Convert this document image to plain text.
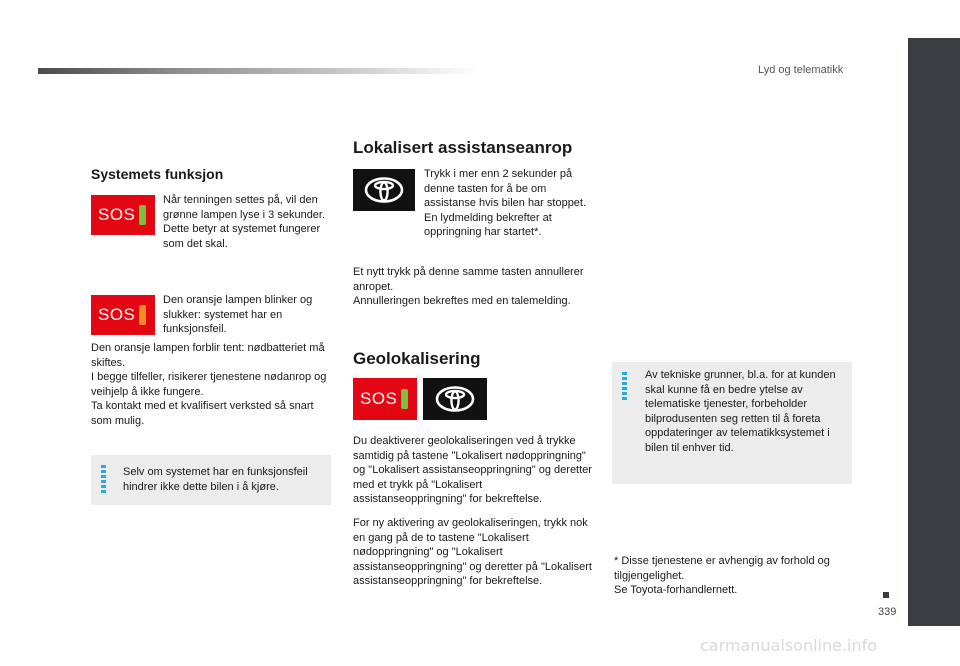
Lyd og telematikk
339
Systemets funksjon
SOS
Når tenningen settes på, vil den grønne lampen lyse i 3 sekunder. Dette betyr at systemet fungerer som det skal.
SOS
Den oransje lampen blinker og slukker: systemet har en funksjonsfeil.
Den oransje lampen forblir tent: nødbatteriet må skiftes.
I begge tilfeller, risikerer tjenestene nødanrop og veihjelp å ikke fungere.
Ta kontakt med et kvalifisert verksted så snart som mulig.
Selv om systemet har en funksjonsfeil hindrer ikke dette bilen i å kjøre.
Lokalisert assistanseanrop
Trykk i mer enn 2 sekunder på denne tasten for å be om assistanse hvis bilen har stoppet. En lydmelding bekrefter at oppringning har startet*.
Et nytt trykk på denne samme tasten annullerer anropet.
Annulleringen bekreftes med en talemelding.
Geolokalisering
SOS
Du deaktiverer geolokaliseringen ved å trykke samtidig på tastene "Lokalisert nødoppringning" og "Lokalisert assistanseoppringning" og deretter med et trykk på "Lokalisert assistanseoppringning" for bekreftelse.
For ny aktivering av geolokaliseringen, trykk nok en gang på de to tastene "Lokalisert nødoppringning" og "Lokalisert assistanseoppringning" og deretter på "Lokalisert assistanseoppringning" for bekreftelse.
Av tekniske grunner, bl.a. for at kunden skal kunne få en bedre ytelse av telematiske tjenester, forbeholder bilprodusenten seg retten til å foreta oppdateringer av telematikksystemet i bilen til enhver tid.
* Disse tjenestene er avhengig av forhold og tilgjengelighet.
Se Toyota-forhandlernett.
carmanualsonline.info
